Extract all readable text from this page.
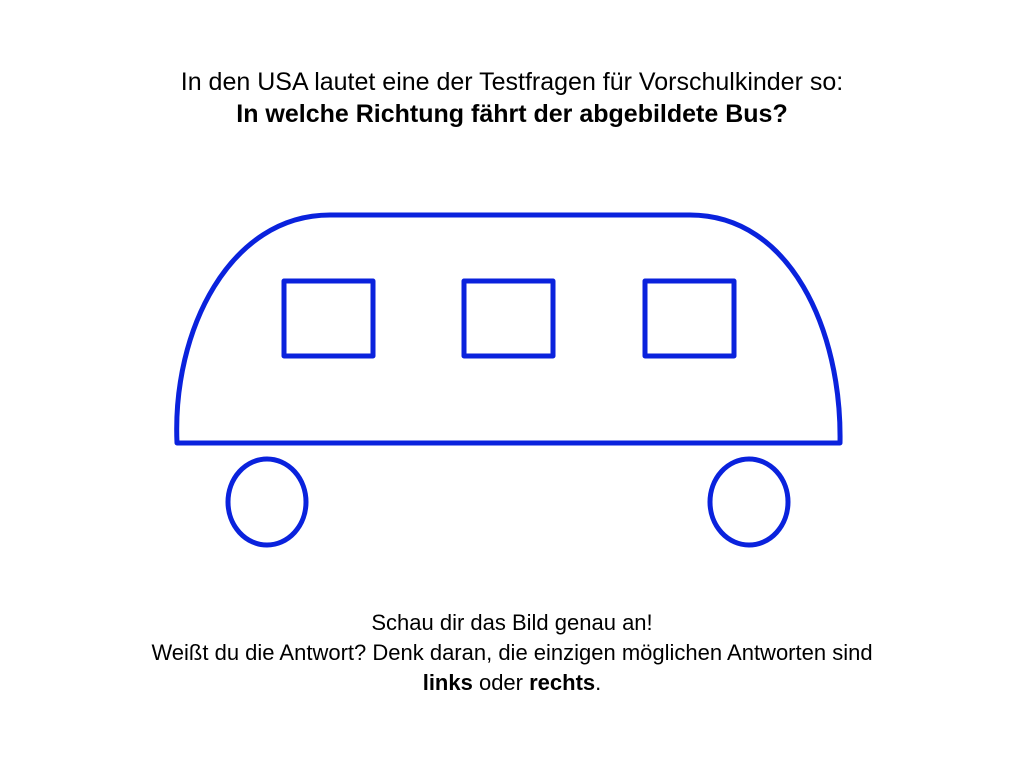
In den USA lautet eine der Testfragen für Vorschulkinder so:
In welche Richtung fährt der abgebildete Bus?
Schau dir das Bild genau an!
Weißt du die Antwort? Denk daran, die einzigen möglichen Antworten sind
links oder rechts.
